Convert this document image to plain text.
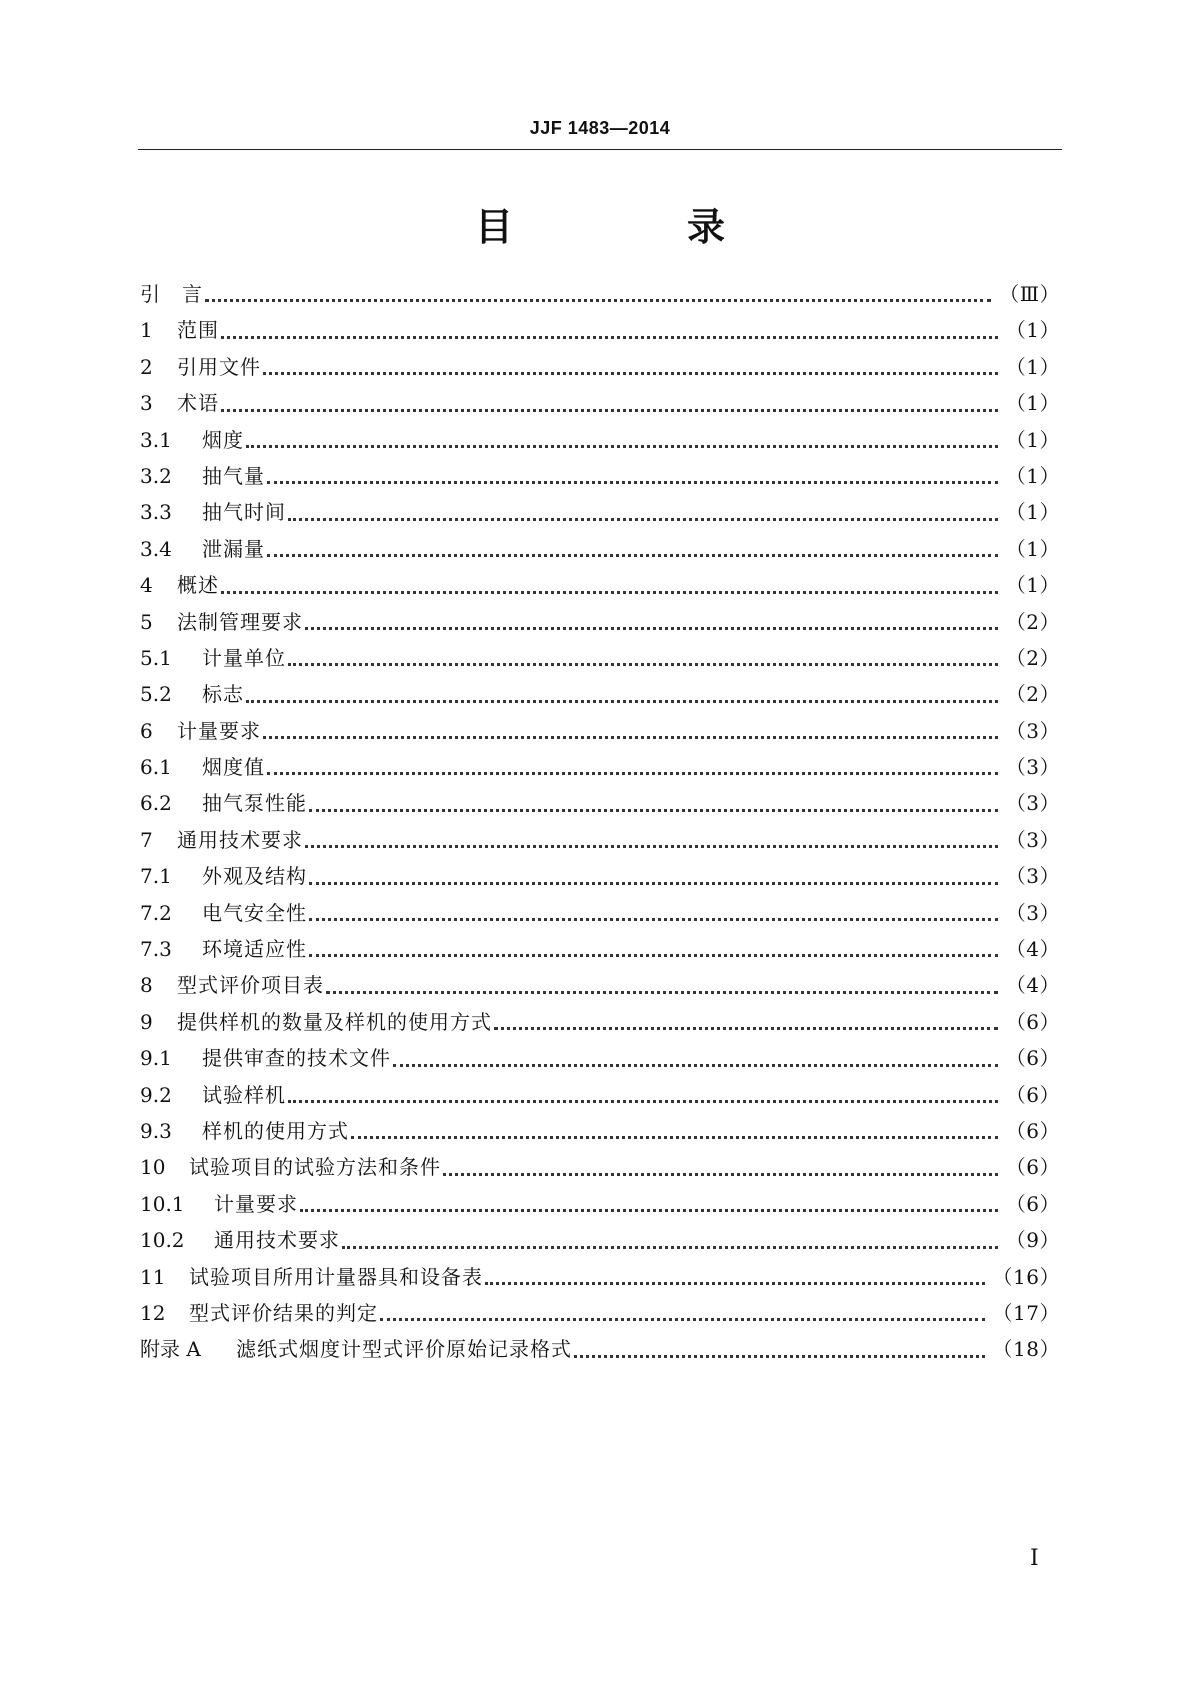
JJF 1483—2014
目　录
引　言	（Ⅲ）
1	范围	（1）
2	引用文件	（1）
3	术语	（1）
3.1	烟度	（1）
3.2	抽气量	（1）
3.3	抽气时间	（1）
3.4	泄漏量	（1）
4	概述	（1）
5	法制管理要求	（2）
5.1	计量单位	（2）
5.2	标志	（2）
6	计量要求	（3）
6.1	烟度值	（3）
6.2	抽气泵性能	（3）
7	通用技术要求	（3）
7.1	外观及结构	（3）
7.2	电气安全性	（3）
7.3	环境适应性	（4）
8	型式评价项目表	（4）
9	提供样机的数量及样机的使用方式	（6）
9.1	提供审查的技术文件	（6）
9.2	试验样机	（6）
9.3	样机的使用方式	（6）
10	试验项目的试验方法和条件	（6）
10.1	计量要求	（6）
10.2	通用技术要求	（9）
11	试验项目所用计量器具和设备表	（16）
12	型式评价结果的判定	（17）
附录 A	滤纸式烟度计型式评价原始记录格式	（18）
Ⅰ
